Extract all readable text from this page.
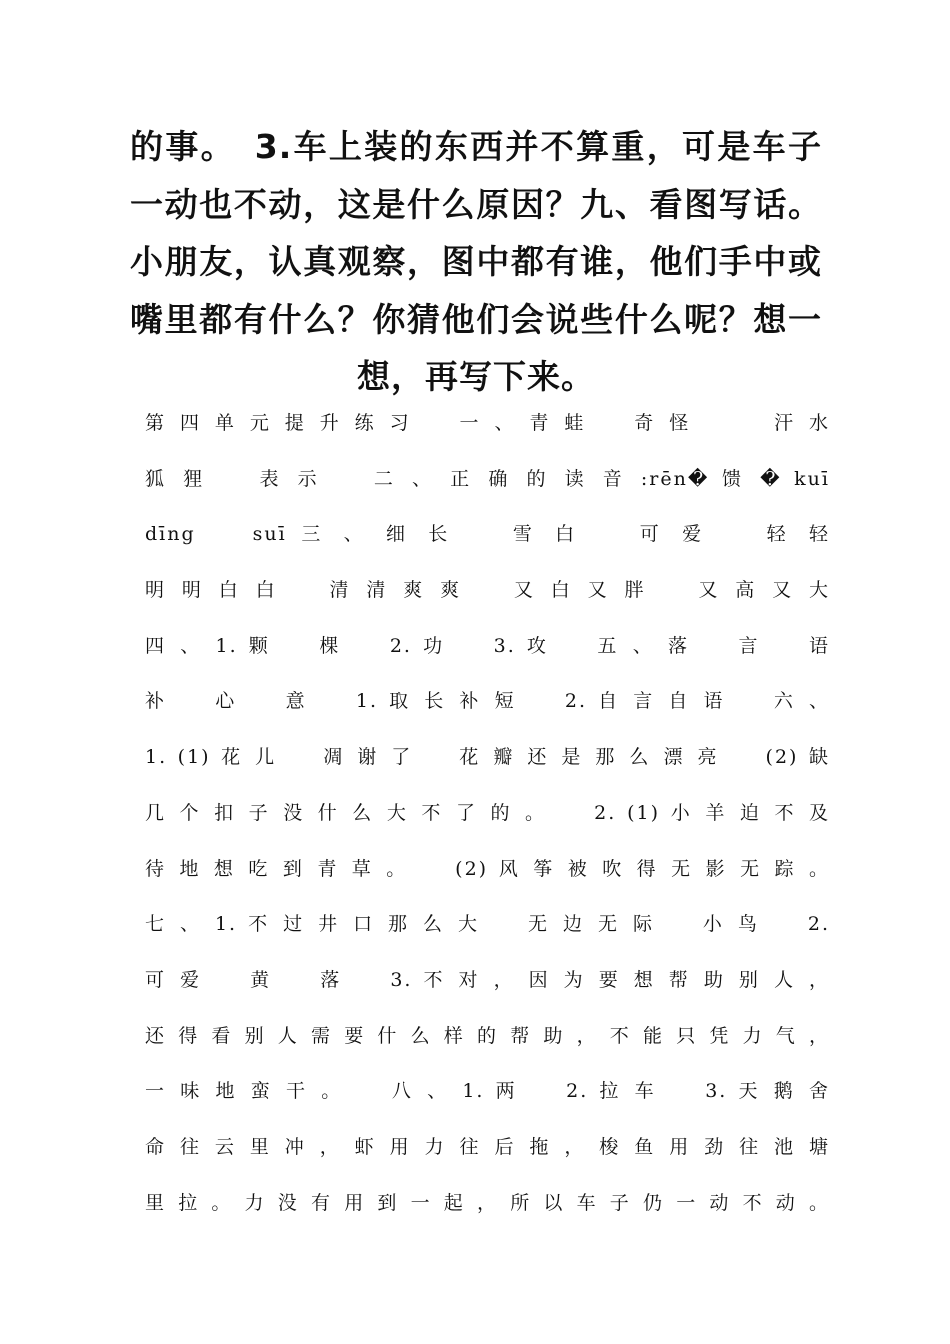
的事。　3.车上装的东西并不算重，可是车子
一动也不动，这是什么原因？九、看图写话。
小朋友，认真观察，图中都有谁，他们手中或
嘴里都有什么？你猜他们会说些什么呢？想一
想，再写下来。
第 四 单 元 提 升 练 习 　 一 、 青 蛙 　 奇 怪 　 　 汗 水
狐 狸 　 表 示 　 二 、 正 确 的 读 音 :rēn� 馈 � kuī
dīng 　 suī 三 、 细 长 　 雪 白 　 可 爱 　 轻 轻 　
明 明 白 白 　 清 清 爽 爽 　 又 白 又 胖 　 又 高 又 大
四 、 1. 颗 　 棵 　 2. 功 　 3. 攻 　 五 、 落 　 言 　 语
补 　 心 　 意 　 1. 取 长 补 短 　 2. 自 言 自 语 　 六 、
1. (1) 花 儿 　 凋 谢 了 　 花 瓣 还 是 那 么 漂 亮 　 (2) 缺
几 个 扣 子 没 什 么 大 不 了 的 。 　 2. (1) 小 羊 迫 不 及
待 地 想 吃 到 青 草 。 　 (2) 风 筝 被 吹 得 无 影 无 踪 。
七 、 1. 不 过 井 口 那 么 大 　 无 边 无 际 　 小 鸟 　 2.
可 爱 　 黄 　 落 　 3. 不 对 ， 因 为 要 想 帮 助 别 人 ，
还 得 看 别 人 需 要 什 么 样 的 帮 助 ， 不 能 只 凭 力 气 ，
一 味 地 蛮 干 。 　 八 、 1. 两 　 2. 拉 车 　 3. 天 鹅 舍
命 往 云 里 冲 ， 虾 用 力 往 后 拖 ， 梭 鱼 用 劲 往 池 塘
里 拉 。 力 没 有 用 到 一 起 ， 所 以 车 子 仍 一 动 不 动 。
